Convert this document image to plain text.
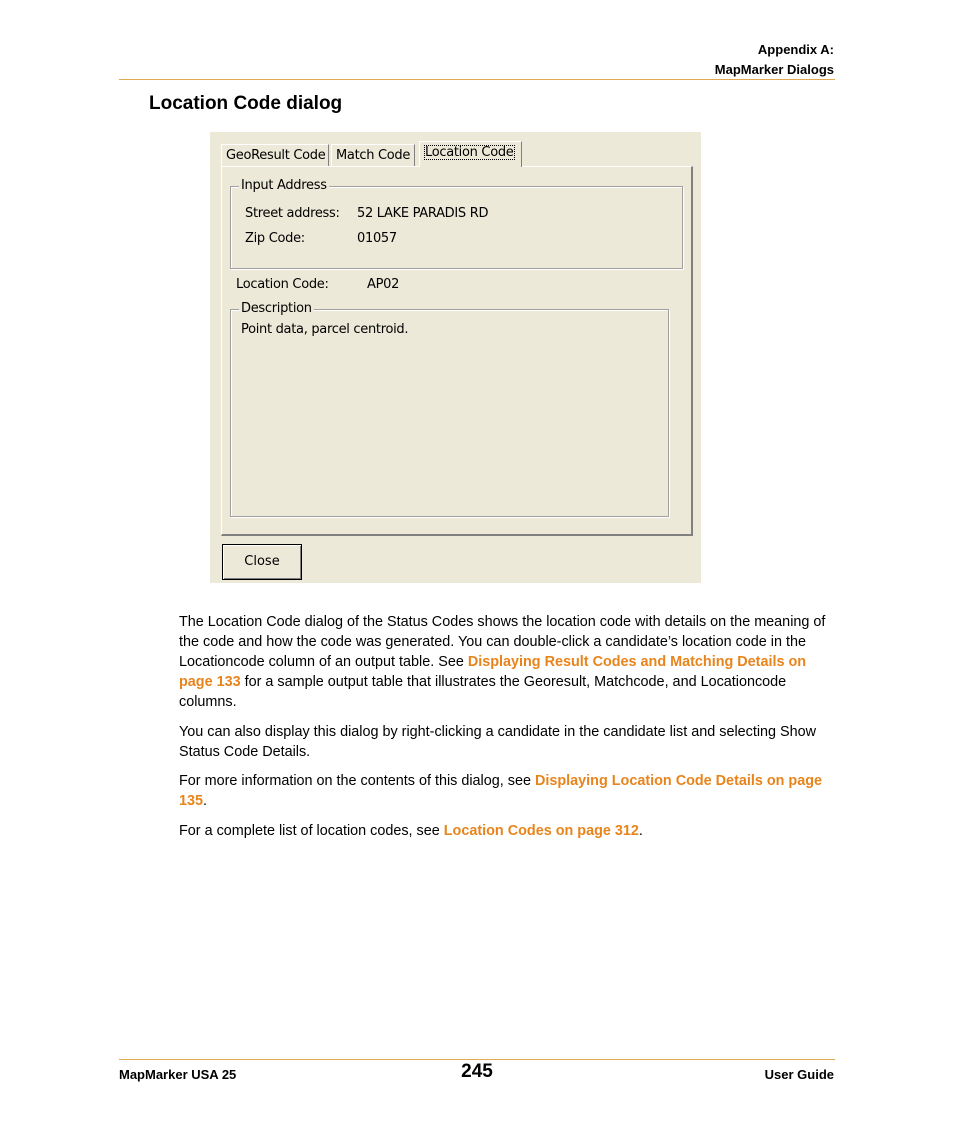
Appendix A:
MapMarker Dialogs
Location Code dialog
GeoResult Code Match Code	Location Code
Input Address
Street address: 52 LAKE PARADIS RD
Zip Code:	01057
Location Code:	AP02
Description
Point data, parcel centroid.
Close

The Location Code dialog of the Status Codes shows the location code with details on the meaning of the code and how the code was generated. You can double-click a candidate’s location code in the Locationcode column of an output table. See Displaying Result Codes and Matching Details on page 133 for a sample output table that illustrates the Georesult, Matchcode, and Locationcode columns.

You can also display this dialog by right-clicking a candidate in the candidate list and selecting Show Status Code Details.

For more information on the contents of this dialog, see Displaying Location Code Details on page 135.

For a complete list of location codes, see Location Codes on page 312.

MapMarker USA 25	245	User Guide
